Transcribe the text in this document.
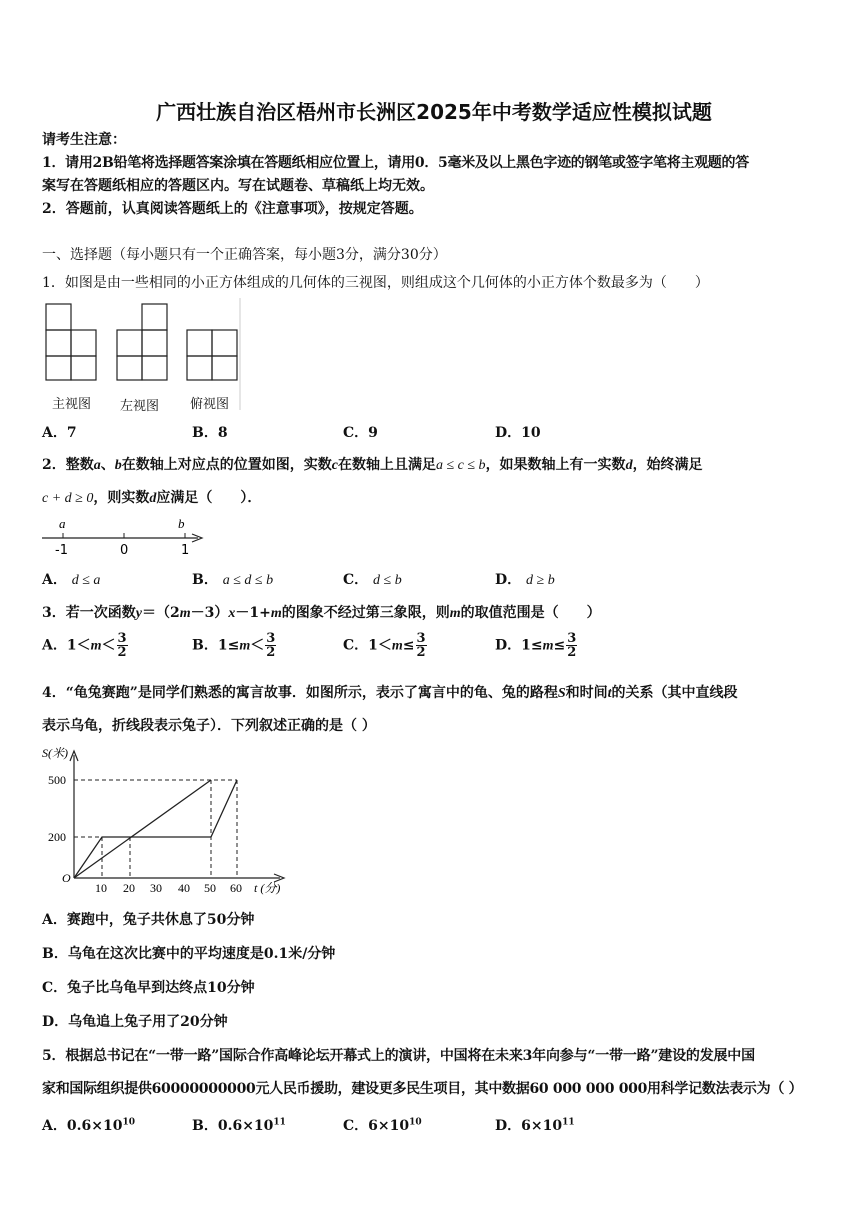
广西壮族自治区梧州市长洲区2025年中考数学适应性模拟试题
请考生注意：
1．请用2B铅笔将选择题答案涂填在答题纸相应位置上，请用0．5毫米及以上黑色字迹的钢笔或签字笔将主观题的答
案写在答题纸相应的答题区内。写在试题卷、草稿纸上均无效。
2．答题前，认真阅读答题纸上的《注意事项》，按规定答题。
一、选择题（每小题只有一个正确答案，每小题3分，满分30分）
1．如图是由一些相同的小正方体组成的几何体的三视图，则组成这个几何体的小正方体个数最多为（　　）
主视图 左视图 俯视图
A．7	B．8	C．9	D．10
2．整数a、b在数轴上对应点的位置如图，实数c在数轴上且满足a ≤ c ≤ b，如果数轴上有一实数d，始终满足
c + d ≥ 0，则实数d应满足（　　）．
a	b
-1	0	1
A． d ≤ a	B． a ≤ d ≤ b	C． d ≤ b	D． d ≥ b
3．若一次函数y＝（2m－3）x－1+m的图象不经过第三象限，则m的取值范围是（　　）
A．$1<m< \frac{3}{2}$	B．$1\le m< \frac{3}{2}$	C．$1<m\le \frac{3}{2}$	D．$1\le m\le \frac{3}{2}$
4．“龟兔赛跑”是同学们熟悉的寓言故事．如图所示，表示了寓言中的龟、兔的路程S和时间t的关系（其中直线段
表示乌龟，折线段表示兔子）．下列叙述正确的是（ ）
S(米)
500
200
O
10 20 30 40 50 60 t (分)
A．赛跑中，兔子共休息了50分钟
B．乌龟在这次比赛中的平均速度是0.1米/分钟
C．兔子比乌龟早到达终点10分钟
D．乌龟追上兔子用了20分钟
5．根据总书记在“一带一路”国际合作高峰论坛开幕式上的演讲，中国将在未来3年向参与“一带一路”建设的发展中国
家和国际组织提供60000000000元人民币援助，建设更多民生项目，其中数据60 000 000 000用科学记数法表示为（ ）
A．$0.6\times 10^{10}$	B．$0.6\times 10^{11}$	C．$6\times 10^{10}$	D．$6\times 10^{11}$
